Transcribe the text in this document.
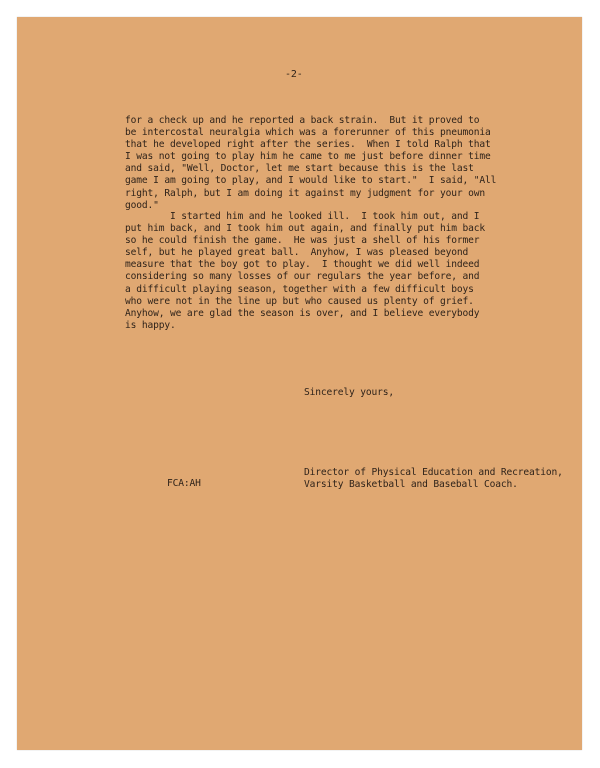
-2-
for a check up and he reported a back strain.  But it proved to
be intercostal neuralgia which was a forerunner of this pneumonia
that he developed right after the series.  When I told Ralph that
I was not going to play him he came to me just before dinner time
and said, "Well, Doctor, let me start because this is the last
game I am going to play, and I would like to start."  I said, "All
right, Ralph, but I am doing it against my judgment for your own
good."
I started him and he looked ill.  I took him out, and I
put him back, and I took him out again, and finally put him back
so he could finish the game.  He was just a shell of his former
self, but he played great ball.  Anyhow, I was pleased beyond
measure that the boy got to play.  I thought we did well indeed
considering so many losses of our regulars the year before, and
a difficult playing season, together with a few difficult boys
who were not in the line up but who caused us plenty of grief.
Anyhow, we are glad the season is over, and I believe everybody
is happy.
Sincerely yours,
Director of Physical Education and Recreation,
Varsity Basketball and Baseball Coach.
FCA:AH
